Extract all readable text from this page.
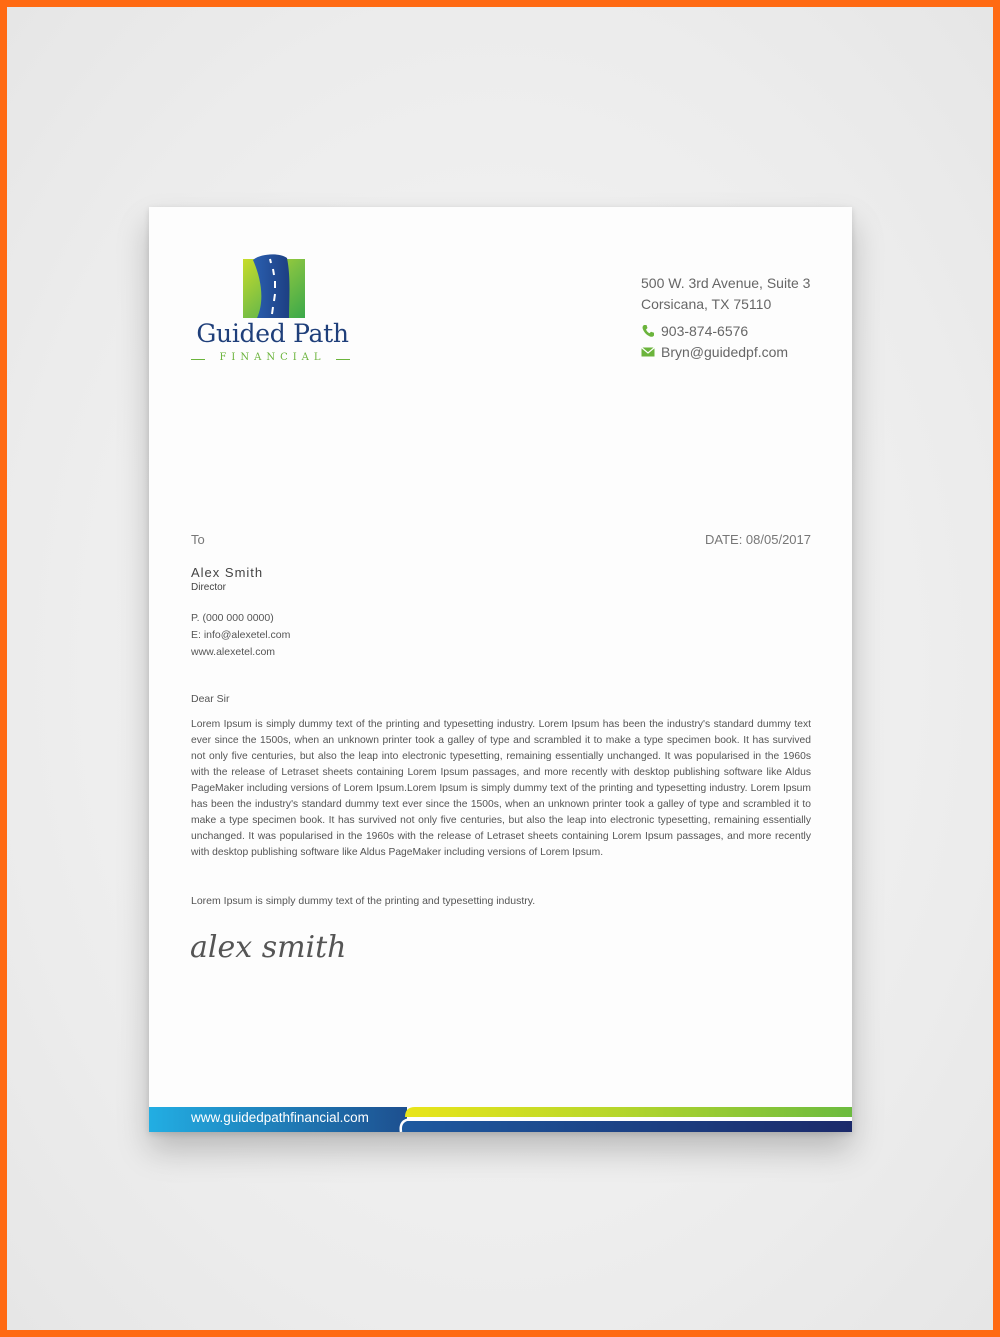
Guided Path
FINANCIAL
500 W. 3rd Avenue, Suite 3
Corsicana, TX 75110
903-874-6576
Bryn@guidedpf.com
To	DATE: 08/05/2017
Alex Smith
Director
P. (000 000 0000)
E: info@alexetel.com
www.alexetel.com
Dear Sir
Lorem Ipsum is simply dummy text of the printing and typesetting industry. Lorem Ipsum has been the industry's standard dummy text ever since the 1500s, when an unknown printer took a galley of type and scrambled it to make a type specimen book. It has survived not only five centuries, but also the leap into electronic typesetting, remaining essentially unchanged. It was popularised in the 1960s with the release of Letraset sheets containing Lorem Ipsum passages, and more recently with desktop publishing software like Aldus PageMaker including versions of Lorem Ipsum.Lorem Ipsum is simply dummy text of the printing and typesetting industry. Lorem Ipsum has been the industry's standard dummy text ever since the 1500s, when an unknown printer took a galley of type and scrambled it to make a type specimen book. It has survived not only five centuries, but also the leap into electronic typesetting, remaining essentially unchanged. It was popularised in the 1960s with the release of Letraset sheets containing Lorem Ipsum passages, and more recently with desktop publishing software like Aldus PageMaker including versions of Lorem Ipsum.
Lorem Ipsum is simply dummy text of the printing and typesetting industry.
alex smith
www.guidedpathfinancial.com
